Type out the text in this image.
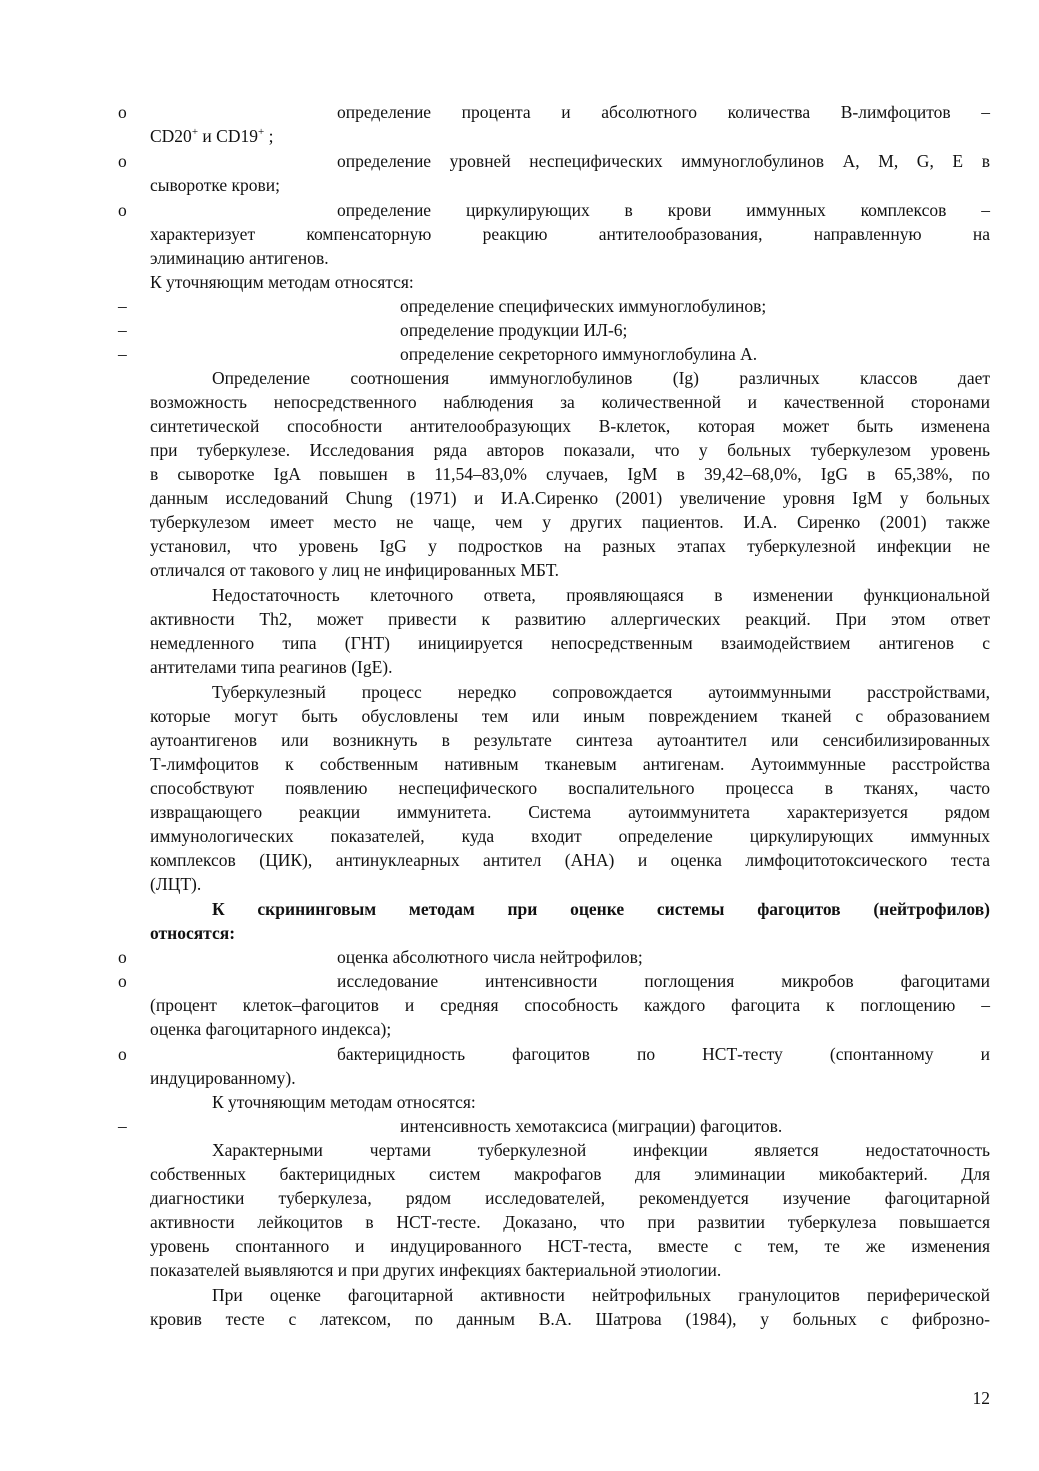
o	определение процента и абсолютного количества В-лимфоцитов –
CD20+ и CD19+ ;
o	определение уровней неспецифических иммуноглобулинов А, М, G, Е в
сыворотке крови;
o	определение циркулирующих в крови иммунных комплексов –
характеризует компенсаторную реакцию антителообразования, направленную на
элиминацию антигенов.
К уточняющим методам относятся:
–	определение специфических иммуноглобулинов;
–	определение продукции ИЛ-6;
–	определение секреторного иммуноглобулина А.
Определение соотношения иммуноглобулинов (Ig) различных классов дает
возможность непосредственного наблюдения за количественной и качественной сторонами
синтетической способности антителообразующих В-клеток, которая может быть изменена
при туберкулезе. Исследования ряда авторов показали, что у больных туберкулезом уровень
в сыворотке IgA повышен в 11,54–83,0% случаев, IgM в 39,42–68,0%, IgG в 65,38%, по
данным исследований Chung (1971) и И.А.Сиренко (2001) увеличение уровня IgM у больных
туберкулезом имеет место не чаще, чем у других пациентов. И.А. Сиренко (2001) также
установил, что уровень IgG у подростков на разных этапах туберкулезной инфекции не
отличался от такового у лиц не инфицированных МБТ.
Недостаточность клеточного ответа, проявляющаяся в изменении функциональной
активности Th2, может привести к развитию аллергических реакций. При этом ответ
немедленного типа (ГНТ) инициируется непосредственным взаимодействием антигенов с
антителами типа реагинов (IgE).
Туберкулезный процесс нередко сопровождается аутоиммунными расстройствами,
которые могут быть обусловлены тем или иным повреждением тканей с образованием
аутоантигенов или возникнуть в результате синтеза аутоантител или сенсибилизированных
Т-лимфоцитов к собственным нативным тканевым антигенам. Аутоиммунные расстройства
способствуют появлению неспецифического воспалительного процесса в тканях, часто
извращающего реакции иммунитета. Система аутоиммунитета характеризуется рядом
иммунологических показателей, куда входит определение циркулирующих иммунных
комплексов (ЦИК), антинуклеарных антител (АНА) и оценка лимфоцитотоксического теста
(ЛЦТ).
К скрининговым методам при оценке системы фагоцитов (нейтрофилов)
относятся:
o	оценка абсолютного числа нейтрофилов;
o	исследование интенсивности поглощения микробов фагоцитами
(процент клеток–фагоцитов и средняя способность каждого фагоцита к поглощению –
оценка фагоцитарного индекса);
o	бактерицидность фагоцитов по НСТ-тесту (спонтанному и
индуцированному).
К уточняющим методам относятся:
–	интенсивность хемотаксиса (миграции) фагоцитов.
Характерными чертами туберкулезной инфекции является недостаточность
собственных бактерицидных систем макрофагов для элиминации микобактерий. Для
диагностики туберкулеза, рядом исследователей, рекомендуется изучение фагоцитарной
активности лейкоцитов в НСТ-тесте. Доказано, что при развитии туберкулеза повышается
уровень спонтанного и индуцированного НСТ-теста, вместе с тем, те же изменения
показателей выявляются и при других инфекциях бактериальной этиологии.
При оценке фагоцитарной активности нейтрофильных гранулоцитов периферической
кровив тесте с латексом, по данным В.А. Шатрова (1984), у больных с фиброзно-
12
